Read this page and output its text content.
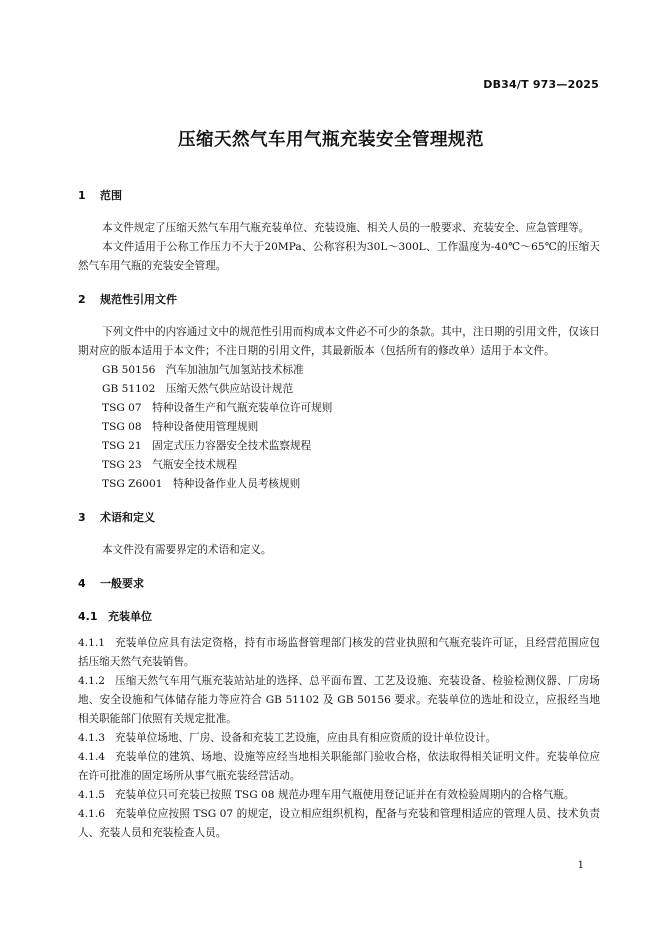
DB34/T 973—2025
压缩天然气车用气瓶充装安全管理规范
1 范围
本文件规定了压缩天然气车用气瓶充装单位、充装设施、相关人员的一般要求、充装安全、应急管理等。
本文件适用于公称工作压力不大于20MPa、公称容积为30L～300L、工作温度为-40℃～65℃的压缩天然气车用气瓶的充装安全管理。
2 规范性引用文件
下列文件中的内容通过文中的规范性引用而构成本文件必不可少的条款。其中，注日期的引用文件，仅该日期对应的版本适用于本文件；不注日期的引用文件，其最新版本（包括所有的修改单）适用于本文件。
GB 50156　汽车加油加气加氢站技术标准
GB 51102　压缩天然气供应站设计规范
TSG 07　特种设备生产和气瓶充装单位许可规则
TSG 08　特种设备使用管理规则
TSG 21　固定式压力容器安全技术监察规程
TSG 23　气瓶安全技术规程
TSG Z6001　特种设备作业人员考核规则
3 术语和定义
本文件没有需要界定的术语和定义。
4 一般要求
4.1 充装单位
4.1.1 充装单位应具有法定资格，持有市场监督管理部门核发的营业执照和气瓶充装许可证，且经营范围应包括压缩天然气充装销售。
4.1.2 压缩天然气车用气瓶充装站站址的选择、总平面布置、工艺及设施、充装设备、检验检测仪器、厂房场地、安全设施和气体储存能力等应符合 GB 51102 及 GB 50156 要求。充装单位的选址和设立，应报经当地相关职能部门依照有关规定批准。
4.1.3 充装单位场地、厂房、设备和充装工艺设施，应由具有相应资质的设计单位设计。
4.1.4 充装单位的建筑、场地、设施等应经当地相关职能部门验收合格，依法取得相关证明文件。充装单位应在许可批准的固定场所从事气瓶充装经营活动。
4.1.5 充装单位只可充装已按照 TSG 08 规范办理车用气瓶使用登记证并在有效检验周期内的合格气瓶。
4.1.6 充装单位应按照 TSG 07 的规定，设立相应组织机构，配备与充装和管理相适应的管理人员、技术负责人、充装人员和充装检查人员。
1
